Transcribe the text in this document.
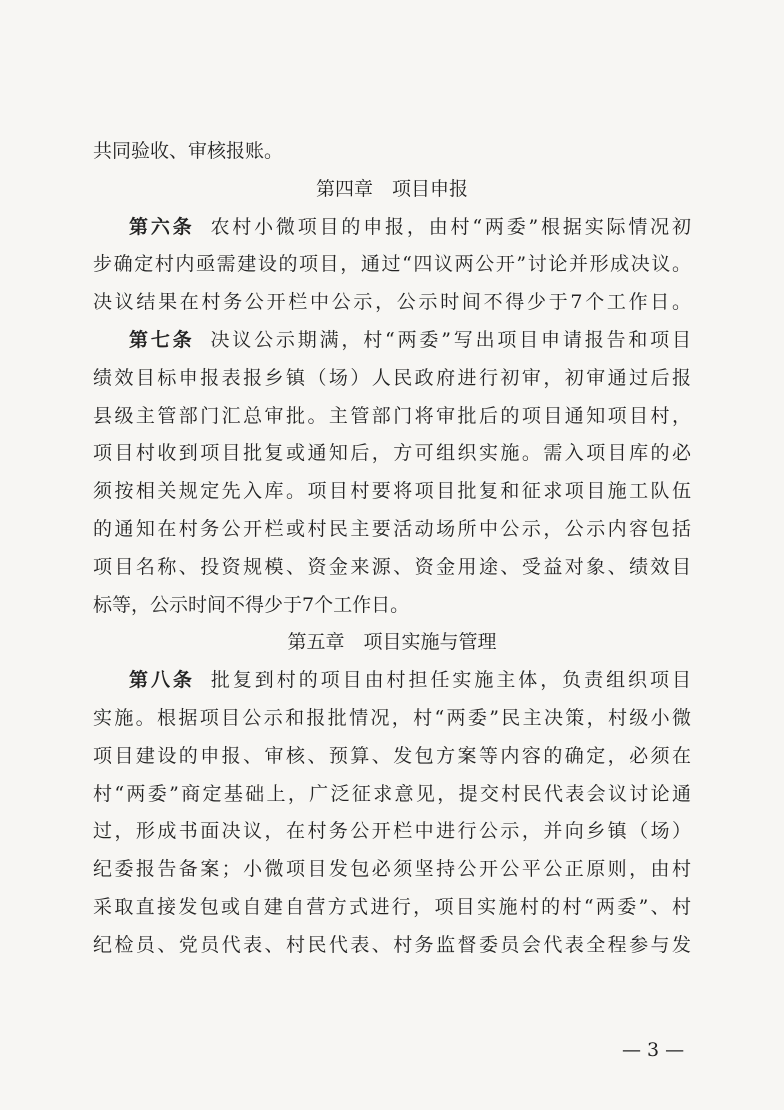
共同验收、审核报账。
第四章　项目申报
第六条 农村小微项目的申报，由村“两委”根据实际情况初
步确定村内亟需建设的项目，通过“四议两公开”讨论并形成决议。
决议结果在村务公开栏中公示，公示时间不得少于7个工作日。
第七条 决议公示期满，村“两委”写出项目申请报告和项目
绩效目标申报表报乡镇（场）人民政府进行初审，初审通过后报
县级主管部门汇总审批。主管部门将审批后的项目通知项目村，
项目村收到项目批复或通知后，方可组织实施。需入项目库的必
须按相关规定先入库。项目村要将项目批复和征求项目施工队伍
的通知在村务公开栏或村民主要活动场所中公示，公示内容包括
项目名称、投资规模、资金来源、资金用途、受益对象、绩效目
标等，公示时间不得少于7个工作日。
第五章　项目实施与管理
第八条 批复到村的项目由村担任实施主体，负责组织项目
实施。根据项目公示和报批情况，村“两委”民主决策，村级小微
项目建设的申报、审核、预算、发包方案等内容的确定，必须在
村“两委”商定基础上，广泛征求意见，提交村民代表会议讨论通
过，形成书面决议，在村务公开栏中进行公示，并向乡镇（场）
纪委报告备案；小微项目发包必须坚持公开公平公正原则，由村
采取直接发包或自建自营方式进行，项目实施村的村“两委”、村
纪检员、党员代表、村民代表、村务监督委员会代表全程参与发
— 3 —
